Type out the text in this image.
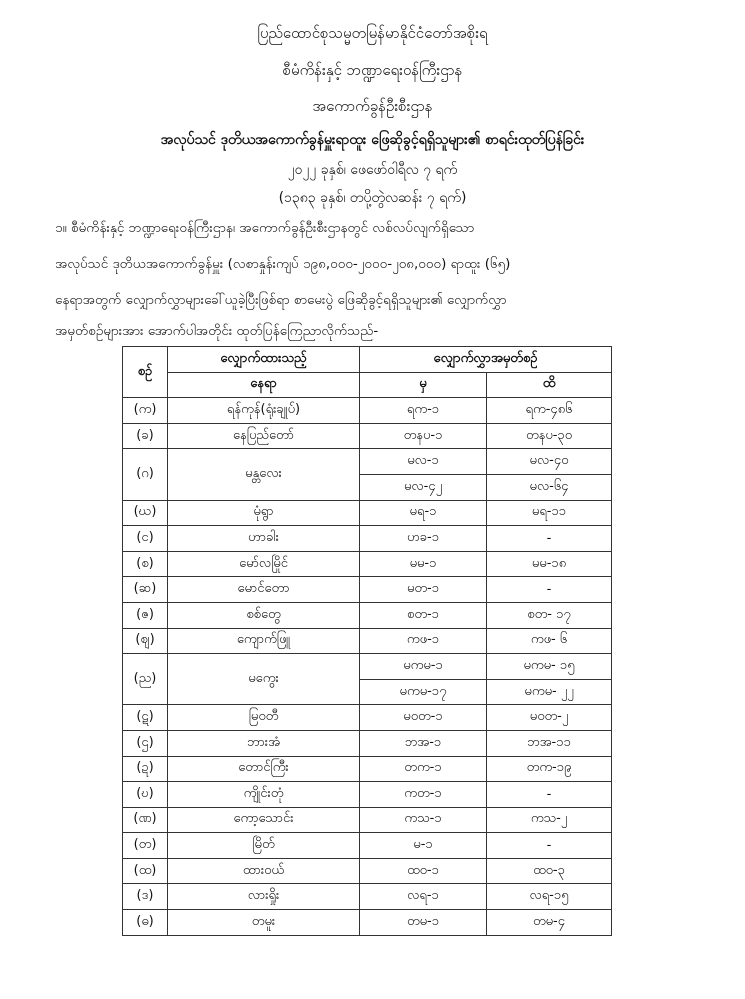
ပြည်ထောင်စုသမ္မတမြန်မာနိုင်ငံတော်အစိုးရ
စီမံကိန်းနှင့် ဘဏ္ဍာရေးဝန်ကြီးဌာန
အကောက်ခွန်ဦးစီးဌာန
အလုပ်သင် ဒုတိယအကောက်ခွန်မှူးရာထူး ဖြေဆိုခွင့်ရရှိသူများ၏ စာရင်းထုတ်ပြန်ခြင်း
၂၀၂၂ ခုနှစ်၊ ဖေဖော်ဝါရီလ ၇ ရက်
(၁၃၈၃ ခုနှစ်၊ တပို့တွဲလဆန်း ၇ ရက်)
၁။ စီမံကိန်းနှင့် ဘဏ္ဍာရေးဝန်ကြီးဌာန၊ အကောက်ခွန်ဦးစီးဌာနတွင် လစ်လပ်လျက်ရှိသော
အလုပ်သင် ဒုတိယအကောက်ခွန်မှူး (လစာနှုန်းကျပ် ၁၉၈,၀၀၀-၂၀၀၀-၂၀၈,၀၀၀) ရာထူး (၆၅)
နေရာအတွက် လျှောက်လွှာများခေါ်ယူခဲ့ပြီးဖြစ်ရာ စာမေးပွဲ ဖြေဆိုခွင့်ရရှိသူများ၏ လျှောက်လွှာ
အမှတ်စဉ်များအား အောက်ပါအတိုင်း ထုတ်ပြန်ကြေညာလိုက်သည်-
စဉ်	လျှောက်ထားသည့်	လျှောက်လွှာအမှတ်စဉ်	
	နေရာ	မှ	ထိ
(က)	ရန်ကုန်(ရုံးချုပ်)	ရက-၁	ရက-၄၈၆
(ခ)	နေပြည်တော်	တနပ-၁	တနပ-၃၀
(ဂ)	မန္တလေး	မလ-၁	မလ-၄၀
		မလ-၄၂	မလ-၆၄
(ဃ)	မုံရွာ	မရ-၁	မရ-၁၁
(င)	ဟာခါး	ဟခ-၁	-
(စ)	မော်လမြိုင်	မမ-၁	မမ-၁၈
(ဆ)	မောင်တော	မတ-၁	-
(ဇ)	စစ်တွေ	စတ-၁	စတ- ၁၇
(ဈ)	ကျောက်ဖြူ	ကဖ-၁	ကဖ- ၆
(ည)	မကွေး	မကမ-၁	မကမ- ၁၅
		မကမ-၁၇	မကမ- ၂၂
(ဋ)	မြဝတီ	မဝတ-၁	မဝတ-၂
(ဌ)	ဘားအံ	ဘအ-၁	ဘအ-၁၁
(ဍ)	တောင်ကြီး	တက-၁	တက-၁၉
(ဎ)	ကျိုင်းတုံ	ကတ-၁	-
(ဏ)	ကော့သောင်း	ကသ-၁	ကသ-၂
(တ)	မြိတ်	မ-၁	-
(ထ)	ထားဝယ်	ထဝ-၁	ထဝ-၃
(ဒ)	လားရှိုး	လရ-၁	လရ-၁၅
(ဓ)	တမူး	တမ-၁	တမ-၄
